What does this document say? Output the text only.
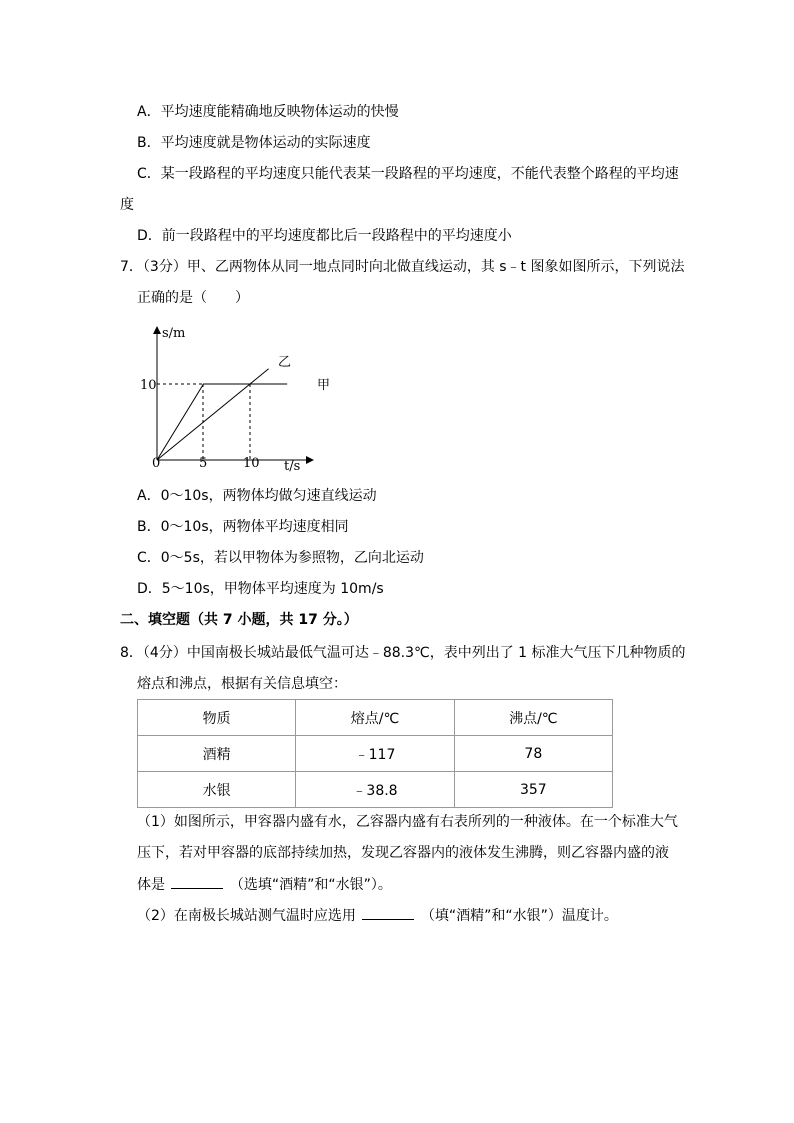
A．平均速度能精确地反映物体运动的快慢
B．平均速度就是物体运动的实际速度
C．某一段路程的平均速度只能代表某一段路程的平均速度，不能代表整个路程的平均速
度
D．前一段路程中的平均速度都比后一段路程中的平均速度小
7．（3分）甲、乙两物体从同一地点同时向北做直线运动，其 s﹣t 图象如图所示，下列说法
正确的是（　　）
s/m
10
0	5	10 t/s
甲
乙
A．0～10s，两物体均做匀速直线运动
B．0～10s，两物体平均速度相同
C．0～5s，若以甲物体为参照物，乙向北运动
D．5～10s，甲物体平均速度为 10m/s
二、填空题（共 7 小题，共 17 分。）
8．（4分）中国南极长城站最低气温可达﹣88.3℃，表中列出了 1 标准大气压下几种物质的
熔点和沸点，根据有关信息填空：
物质	熔点/℃	沸点/℃
酒精	﹣117	78
水银	﹣38.8	357
（1）如图所示，甲容器内盛有水，乙容器内盛有右表所列的一种液体。在一个标准大气
压下，若对甲容器的底部持续加热，发现乙容器内的液体发生沸腾，则乙容器内盛的液
体是	（选填“酒精”和“水银”）。
（2）在南极长城站测气温时应选用	（填“酒精”和“水银”）温度计。
